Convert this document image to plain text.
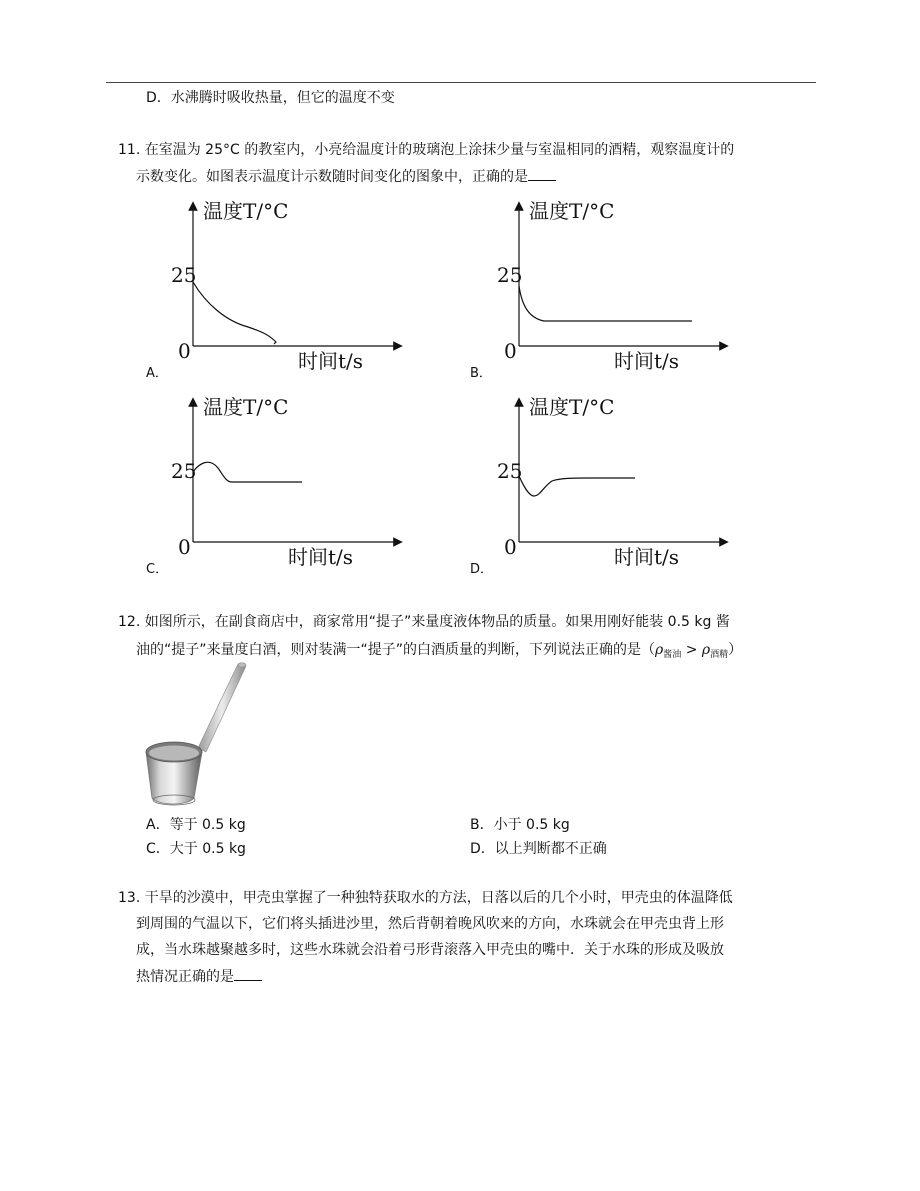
D．水沸腾时吸收热量，但它的温度不变
11. 在室温为 25°C 的教室内，小亮给温度计的玻璃泡上涂抹少量与室温相同的酒精，观察温度计的
示数变化。如图表示温度计示数随时间变化的图象中，正确的是
温度T/°C
时间t/s
25
0
A．
温度T/°C
时间t/s
25
0
B．
温度T/°C
时间t/s
25
0
C．
温度T/°C
时间t/s
25
0
D．
12. 如图所示，在副食商店中，商家常用“提子”来量度液体物品的质量。如果用刚好能装 0.5 kg 酱
油的“提子”来量度白酒，则对装满一“提子”的白酒质量的判断，下列说法正确的是$(\rho_{酱油} > \rho_{酒精})$
A．等于 0.5 kg	B．小于 0.5 kg
C．大于 0.5 kg	D．以上判断都不正确
13. 干旱的沙漠中，甲壳虫掌握了一种独特获取水的方法，日落以后的几个小时，甲壳虫的体温降低
到周围的气温以下，它们将头插进沙里，然后背朝着晚风吹来的方向，水珠就会在甲壳虫背上形
成，当水珠越聚越多时，这些水珠就会沿着弓形背滚落入甲壳虫的嘴中．关于水珠的形成及吸放
热情况正确的是
